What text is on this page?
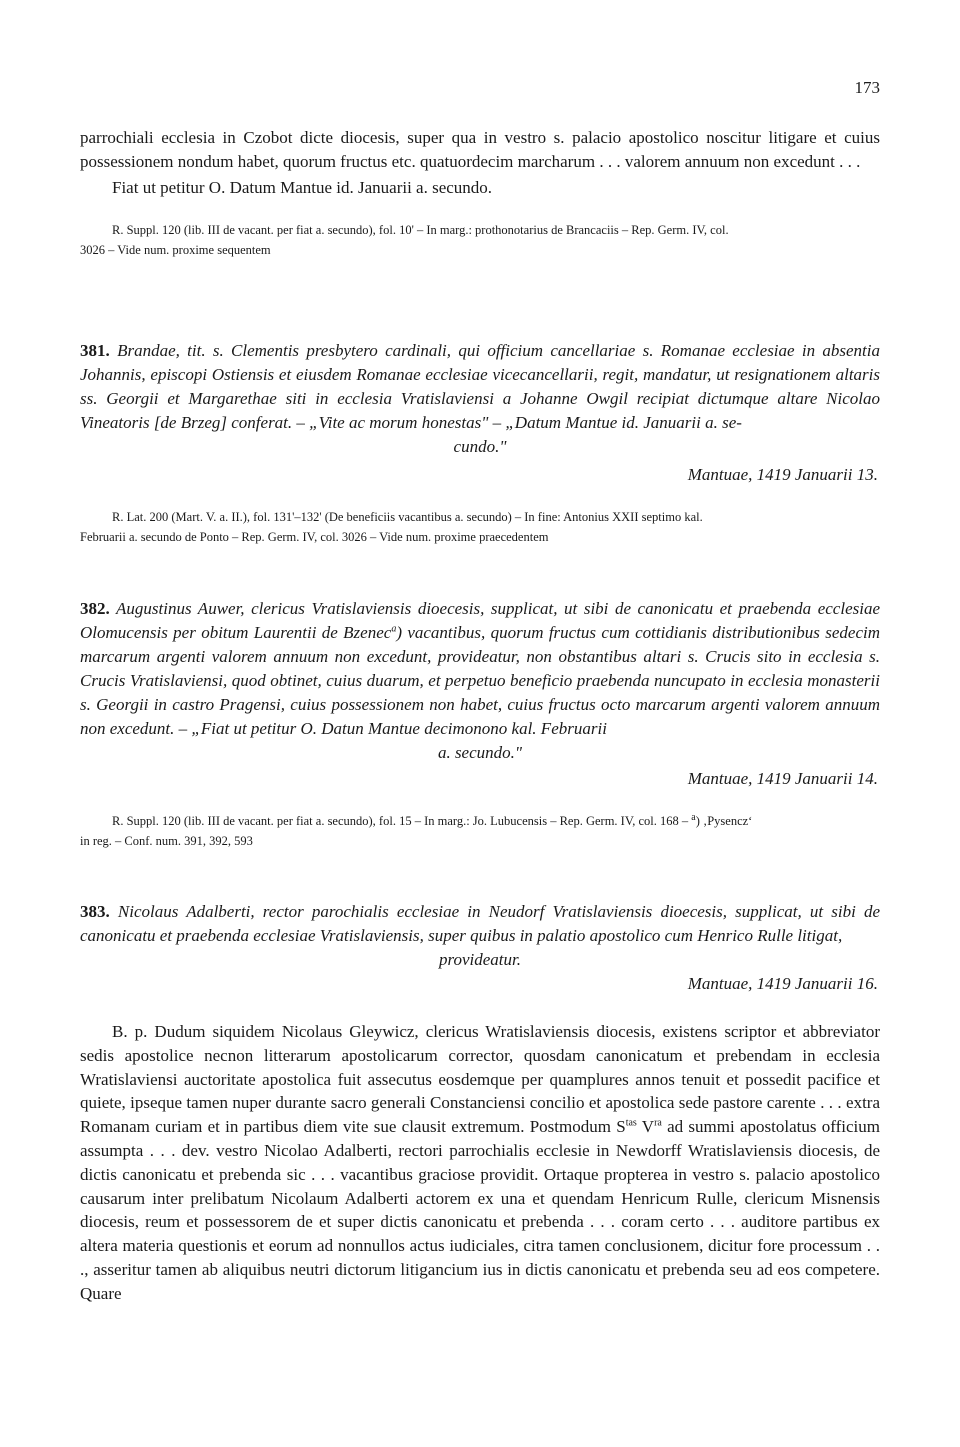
173

parrochiali ecclesia in Czobot dicte diocesis, super qua in vestro s. palacio apostolico noscitur litigare et cuius possessionem nondum habet, quorum fructus etc. quatuordecim marcharum . . . valorem annuum non excedunt . . .

Fiat ut petitur O. Datum Mantue id. Januarii a. secundo.

R. Suppl. 120 (lib. III de vacant. per fiat a. secundo), fol. 10' – In marg.: prothonotarius de Brancaciis – Rep. Germ. IV, col.
3026 – Vide num. proxime sequentem

381. Brandae, tit. s. Clementis presbytero cardinali, qui officium cancellariae s. Romanae ecclesiae in absentia Johannis, episcopi Ostiensis et eiusdem Romanae ecclesiae vicecancellarii, regit, mandatur, ut resignationem altaris ss. Georgii et Margarethae siti in ecclesia Vratislaviensi a Johanne Owgil recipiat dictumque altare Nicolao Vineatoris [de Brzeg] conferat. – „Vite ac morum honestas" – „Datum Mantue id. Januarii a. se-
cundo."

Mantuae, 1419 Januarii 13.

R. Lat. 200 (Mart. V. a. II.), fol. 131'–132' (De beneficiis vacantibus a. secundo) – In fine: Antonius XXII septimo kal.
Februarii a. secundo de Ponto – Rep. Germ. IV, col. 3026 – Vide num. proxime praecedentem

382. Augustinus Auwer, clericus Vratislaviensis dioecesis, supplicat, ut sibi de canonicatu et praebenda ecclesiae Olomucensis per obitum Laurentii de Bzenec$^a$) vacantibus, quorum fructus cum cottidianis distributionibus sedecim marcarum argenti valorem annuum non excedunt, provideatur, non obstantibus altari s. Crucis sito in ecclesia s. Crucis Vratislaviensi, quod obtinet, cuius duarum, et perpetuo beneficio praebenda nuncupato in ecclesia monasterii s. Georgii in castro Pragensi, cuius possessionem non habet, cuius fructus octo marcarum argenti valorem annuum non excedunt. – „Fiat ut petitur O. Datun Mantue decimonono kal. Februarii
a. secundo."

Mantuae, 1419 Januarii 14.

R. Suppl. 120 (lib. III de vacant. per fiat a. secundo), fol. 15 – In marg.: Jo. Lubucensis – Rep. Germ. IV, col. 168 – $^a$) ‚Pysencz‘
in reg. – Conf. num. 391, 392, 593

383. Nicolaus Adalberti, rector parochialis ecclesiae in Neudorf Vratislaviensis dioecesis, supplicat, ut sibi de canonicatu et praebenda ecclesiae Vratislaviensis, super quibus in palatio apostolico cum Henrico Rulle litigat,
provideatur.

Mantuae, 1419 Januarii 16.

B. p. Dudum siquidem Nicolaus Gleywicz, clericus Wratislaviensis diocesis, existens scriptor et abbreviator sedis apostolice necnon litterarum apostolicarum corrector, quosdam canonicatum et prebendam in ecclesia Wratislaviensi auctoritate apostolica fuit assecutus eosdemque per quamplures annos tenuit et possedit pacifice et quiete, ipseque tamen nuper durante sacro generali Constanciensi concilio et apostolica sede pastore carente . . . extra Romanam curiam et in partibus diem vite sue clausit extremum. Postmodum $S^{tas}$ $V^{ra}$ ad summi apostolatus officium assumpta . . . dev. vestro Nicolao Adalberti, rectori parrochialis ecclesie in Newdorff Wratislaviensis diocesis, de dictis canonicatu et prebenda sic . . . vacantibus graciose providit. Ortaque propterea in vestro s. palacio apostolico causarum inter prelibatum Nicolaum Adalberti actorem ex una et quendam Henricum Rulle, clericum Misnensis diocesis, reum et possessorem de et super dictis canonicatu et prebenda . . . coram certo . . . auditore partibus ex altera materia questionis et eorum ad nonnullos actus iudiciales, citra tamen conclusionem, dicitur fore processum . . ., asseritur tamen ab aliquibus neutri dictorum litigancium ius in dictis canonicatu et prebenda seu ad eos competere. Quare
